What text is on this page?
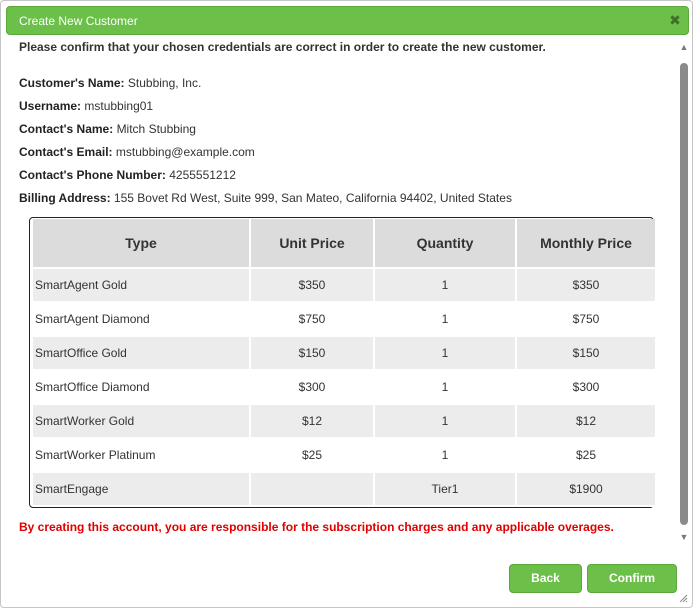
Create New Customer	✖
Please confirm that your chosen credentials are correct in order to create the new customer.
Customer's Name: Stubbing, Inc.
Username: mstubbing01
Contact's Name: Mitch Stubbing
Contact's Email: mstubbing@example.com
Contact's Phone Number: 4255551212
Billing Address: 155 Bovet Rd West, Suite 999, San Mateo, California 94402, United States
Type	Unit Price	Quantity	Monthly Price
SmartAgent Gold	$350	1	$350
SmartAgent Diamond	$750	1	$750
SmartOffice Gold	$150	1	$150
SmartOffice Diamond	$300	1	$300
SmartWorker Gold	$12	1	$12
SmartWorker Platinum	$25	1	$25
SmartEngage		Tier1	$1900
By creating this account, you are responsible for the subscription charges and any applicable overages.
▲
▼
Back	Confirm
